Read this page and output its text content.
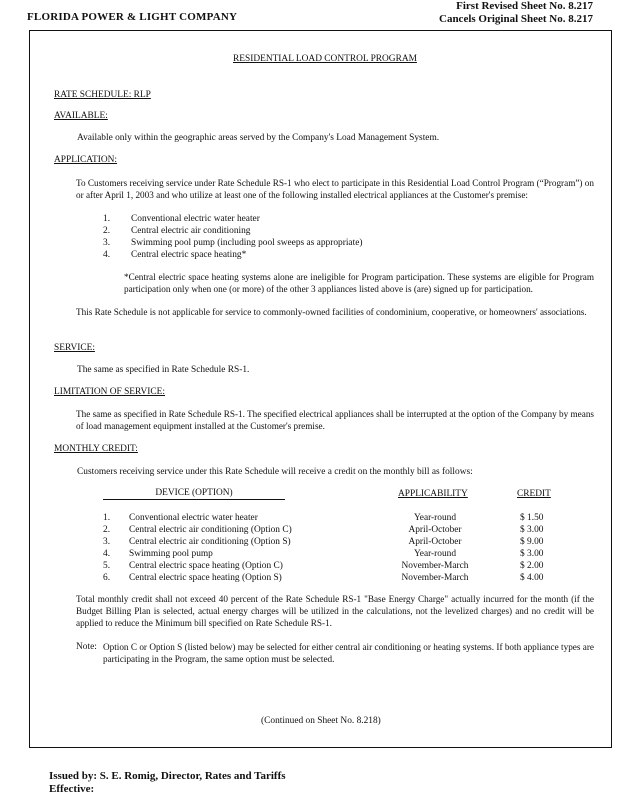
FLORIDA POWER & LIGHT COMPANY
First Revised Sheet No. 8.217
Cancels Original Sheet No. 8.217
RESIDENTIAL LOAD CONTROL PROGRAM
RATE SCHEDULE: RLP
AVAILABLE:
Available only within the geographic areas served by the Company's Load Management System.
APPLICATION:
To Customers receiving service under Rate Schedule RS-1 who elect to participate in this Residential Load Control Program (“Program”) on or after April 1, 2003 and who utilize at least one of the following installed electrical appliances at the Customer's premise:
1. Conventional electric water heater
2. Central electric air conditioning
3. Swimming pool pump (including pool sweeps as appropriate)
4. Central electric space heating*
*Central electric space heating systems alone are ineligible for Program participation. These systems are eligible for Program participation only when one (or more) of the other 3 appliances listed above is (are) signed up for participation.
This Rate Schedule is not applicable for service to commonly-owned facilities of condominium, cooperative, or homeowners' associations.
SERVICE:
The same as specified in Rate Schedule RS-1.
LIMITATION OF SERVICE:
The same as specified in Rate Schedule RS-1. The specified electrical appliances shall be interrupted at the option of the Company by means of load management equipment installed at the Customer's premise.
MONTHLY CREDIT:
Customers receiving service under this Rate Schedule will receive a credit on the monthly bill as follows:
DEVICE (OPTION)	APPLICABILITY	CREDIT
1. Conventional electric water heater	Year-round	$ 1.50
2. Central electric air conditioning (Option C)	April-October	$ 3.00
3. Central electric air conditioning (Option S)	April-October	$ 9.00
4. Swimming pool pump	Year-round	$ 3.00
5. Central electric space heating (Option C)	November-March	$ 2.00
6. Central electric space heating (Option S)	November-March	$ 4.00
Total monthly credit shall not exceed 40 percent of the Rate Schedule RS-1 "Base Energy Charge" actually incurred for the month (if the Budget Billing Plan is selected, actual energy charges will be utilized in the calculations, not the levelized charges) and no credit will be applied to reduce the Minimum bill specified on Rate Schedule RS-1.
Note: Option C or Option S (listed below) may be selected for either central air conditioning or heating systems. If both appliance types are participating in the Program, the same option must be selected.
(Continued on Sheet No. 8.218)
Issued by: S. E. Romig, Director, Rates and Tariffs
Effective:
